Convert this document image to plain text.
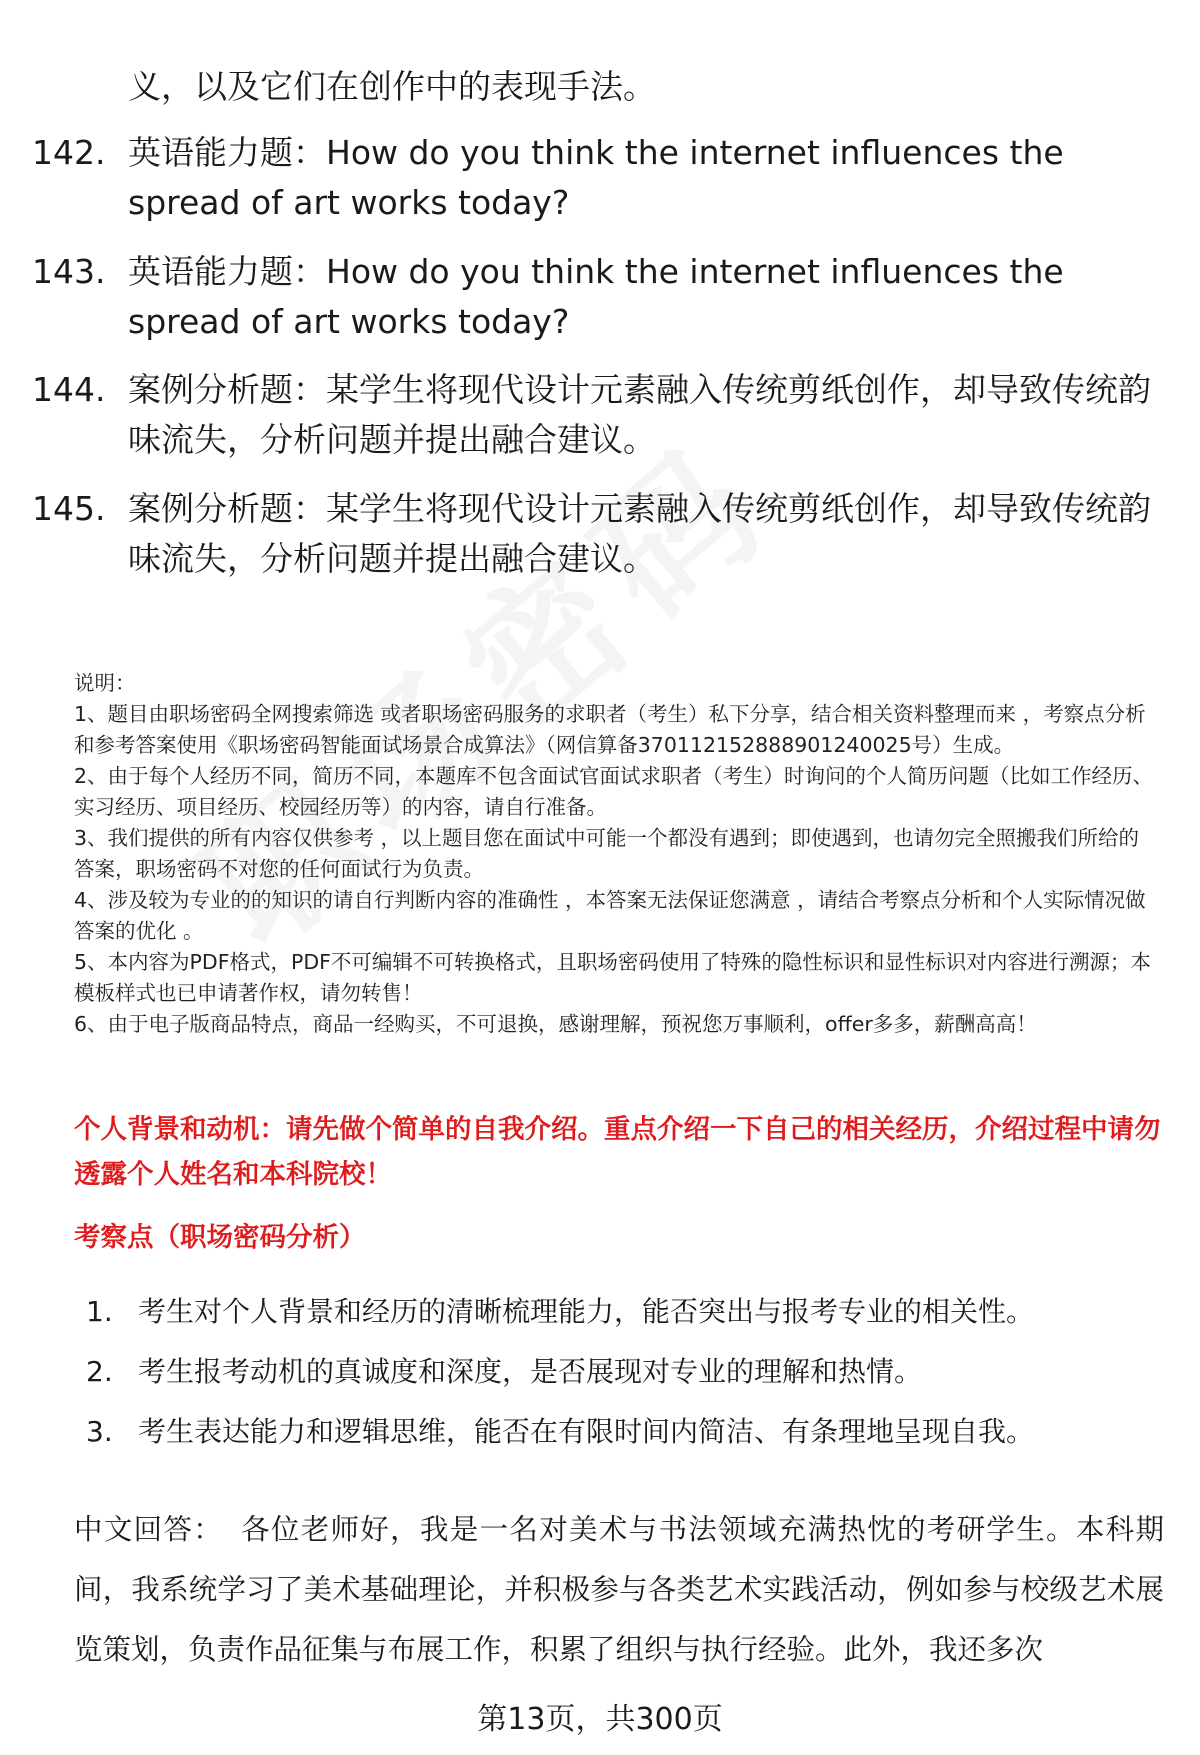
义，以及它们在创作中的表现手法。
142. 英语能力题：How do you think the internet influences the spread of art works today?
143. 英语能力题：How do you think the internet influences the spread of art works today?
144. 案例分析题：某学生将现代设计元素融入传统剪纸创作，却导致传统韵味流失，分析问题并提出融合建议。
145. 案例分析题：某学生将现代设计元素融入传统剪纸创作，却导致传统韵味流失，分析问题并提出融合建议。

说明：

1、题目由职场密码全网搜索筛选 或者职场密码服务的求职者（考生）私下分享，结合相关资料整理而来 ，考察点分析和参考答案使用《职场密码智能面试场景合成算法》（网信算备370112152888901240025号）生成。

2、由于每个人经历不同，简历不同，本题库不包含面试官面试求职者（考生）时询问的个人简历问题（比如工作经历、实习经历、项目经历、校园经历等）的内容，请自行准备。

3、我们提供的所有内容仅供参考 ，以上题目您在面试中可能一个都没有遇到；即使遇到，也请勿完全照搬我们所给的答案，职场密码不对您的任何面试行为负责。

4、涉及较为专业的的知识的请自行判断内容的准确性 ，本答案无法保证您满意 ，请结合考察点分析和个人实际情况做答案的优化 。

5、本内容为PDF格式，PDF不可编辑不可转换格式，且职场密码使用了特殊的隐性标识和显性标识对内容进行溯源；本模板样式也已申请著作权，请勿转售！

6、由于电子版商品特点，商品一经购买，不可退换，感谢理解，预祝您万事顺利，offer多多，薪酬高高！

个人背景和动机：请先做个简单的自我介绍。重点介绍一下自己的相关经历，介绍过程中请勿透露个人姓名和本科院校！
考察点（职场密码分析）
1. 考生对个人背景和经历的清晰梳理能力，能否突出与报考专业的相关性。
2. 考生报考动机的真诚度和深度，是否展现对专业的理解和热情。
3. 考生表达能力和逻辑思维，能否在有限时间内简洁、有条理地呈现自我。
中文回答： 各位老师好，我是一名对美术与书法领域充满热忱的考研学生。本科期间，我系统学习了美术基础理论，并积极参与各类艺术实践活动，例如参与校级艺术展览策划，负责作品征集与布展工作，积累了组织与执行经验。此外，我还多次
第13页，共300页
